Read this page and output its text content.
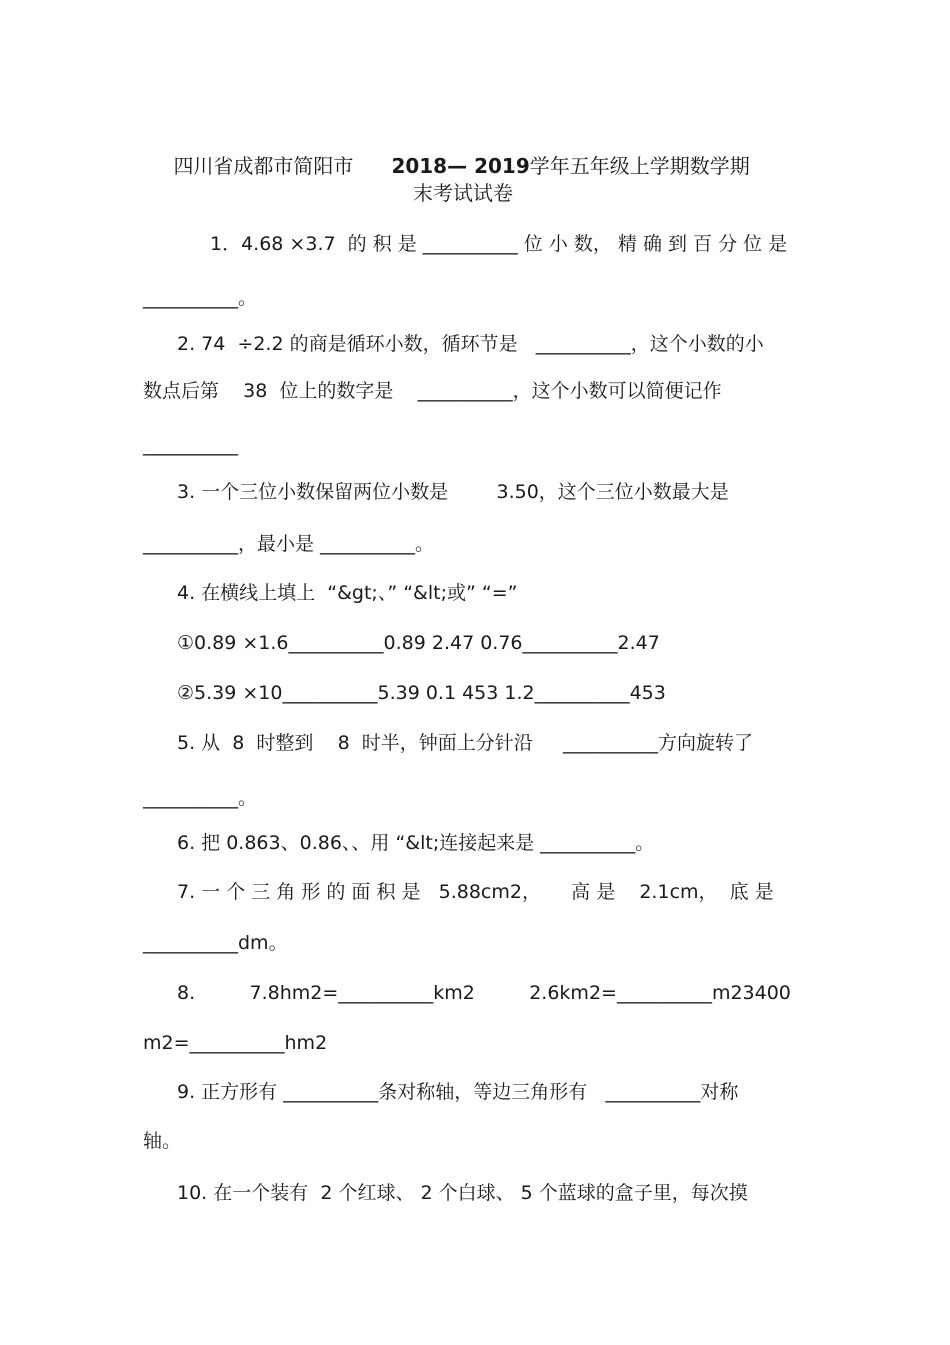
四川省成都市简阳市 2018— 2019学年五年级上学期数学期

末考试试卷
1．4.68 ×3.7  的 积 是 __________ 位 小 数， 精 确 到 百 分 位 是
__________。
2. 74  ÷2.2 的商是循环小数，循环节是   __________，这个小数的小
数点后第    38  位上的数字是    __________，这个小数可以简便记作
__________
3. 一个三位小数保留两位小数是        3.50，这个三位小数最大是
__________，最小是 __________。
4. 在横线上填上  “&gt;、” “&lt;或” “=”
①0.89 ×1.6__________0.89 2.47 0.76__________2.47
②5.39 ×10__________5.39 0.1 453 1.2__________453
5. 从  8  时整到    8  时半，钟面上分针沿     __________方向旋转了
__________。
6. 把 0.863、0.86、、用 “&lt;连接起来是 __________。
7. 一 个 三 角 形 的 面 积 是   5.88cm2，     高 是    2.1cm，  底 是
__________dm。
8.         7.8hm2=__________km2         2.6km2=__________m23400
m2=__________hm2
9. 正方形有 __________条对称轴，等边三角形有   __________对称
轴。
10. 在一个装有  2 个红球、 2 个白球、 5 个蓝球的盒子里，每次摸
